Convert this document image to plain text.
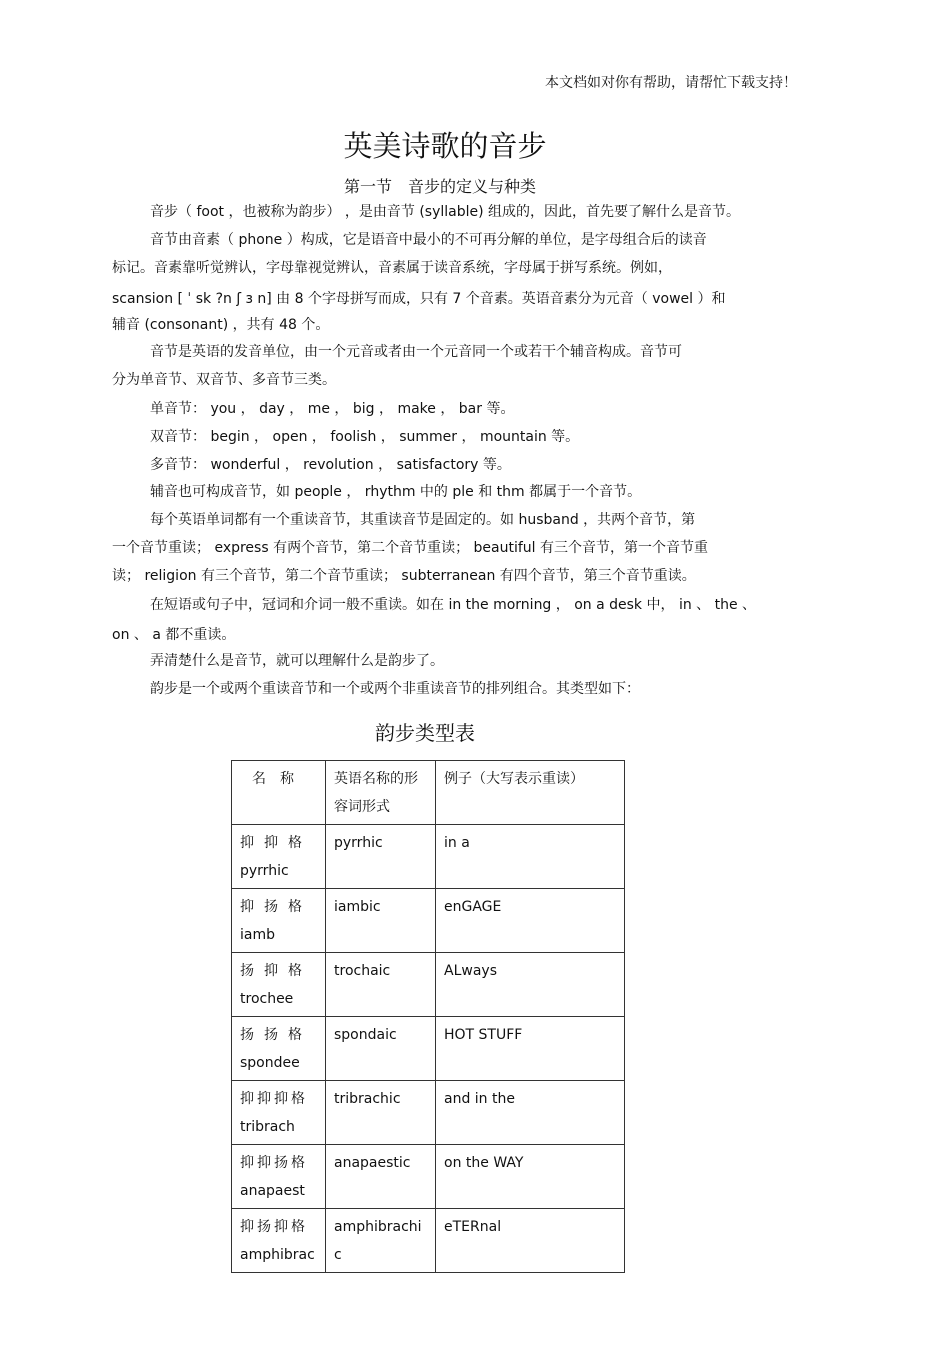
本文档如对你有帮助，请帮忙下载支持！
英美诗歌的音步
第一节　音步的定义与种类
音步（ foot ，也被称为韵步） ，是由音节 (syllable) 组成的，因此，首先要了解什么是音节。
音节由音素（ phone ）构成，它是语音中最小的不可再分解的单位，是字母组合后的读音
标记。音素靠听觉辨认，字母靠视觉辨认，音素属于读音系统，字母属于拼写系统。例如，
scansion [ ˈ sk ?n ʃ ɜ n] 由 8 个字母拼写而成，只有 7 个音素。英语音素分为元音（ vowel ）和
辅音 (consonant) ，共有 48 个。
音节是英语的发音单位，由一个元音或者由一个元音同一个或若干个辅音构成。音节可
分为单音节、双音节、多音节三类。
单音节： you ， day ， me ， big ， make ， bar 等。
双音节： begin ， open ， foolish ， summer ， mountain 等。
多音节： wonderful ， revolution ， satisfactory 等。
辅音也可构成音节，如 people ， rhythm 中的 ple 和 thm 都属于一个音节。
每个英语单词都有一个重读音节，其重读音节是固定的。如 husband ，共两个音节，第
一个音节重读； express 有两个音节，第二个音节重读； beautiful 有三个音节，第一个音节重
读； religion 有三个音节，第二个音节重读； subterranean 有四个音节，第三个音节重读。
在短语或句子中，冠词和介词一般不重读。如在 in the morning ， on a desk 中， in 、 the 、
on 、 a 都不重读。
弄清楚什么是音节，就可以理解什么是韵步了。
韵步是一个或两个重读音节和一个或两个非重读音节的排列组合。其类型如下：
韵步类型表
名　称	英语名称的形容词形式	例子（大写表示重读）

抑抑格
pyrrhic	pyrrhic	in a

抑扬格
iamb	iambic	enGAGE

扬抑格
trochee	trochaic	ALways

扬扬格
spondee	spondaic	HOT STUFF

抑抑抑格
tribrach	tribrachic	and in the

抑抑扬格
anapaest	anapaestic	on the WAY

抑扬抑格
amphibrac	amphibrachic	eTERnal
